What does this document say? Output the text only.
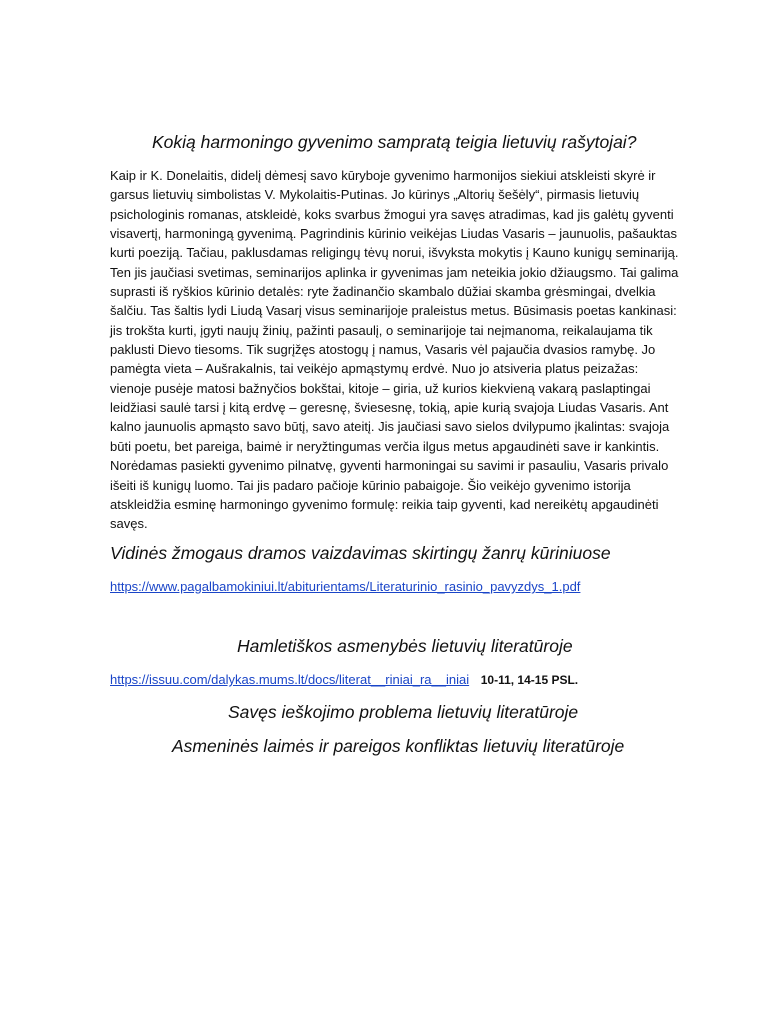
Kokią harmoningo gyvenimo sampratą teigia lietuvių rašytojai?
Kaip ir K. Donelaitis, didelį dėmesį savo kūryboje gyvenimo harmonijos siekiui atskleisti skyrė ir
garsus lietuvių simbolistas V. Mykolaitis-Putinas. Jo kūrinys „Altorių šešėly“, pirmasis lietuvių
psichologinis romanas, atskleidė, koks svarbus žmogui yra savęs atradimas, kad jis galėtų gyventi
visavertį, harmoningą gyvenimą. Pagrindinis kūrinio veikėjas Liudas Vasaris – jaunuolis, pašauktas
kurti poeziją. Tačiau, paklusdamas religingų tėvų norui, išvyksta mokytis į Kauno kunigų seminariją.
Ten jis jaučiasi svetimas, seminarijos aplinka ir gyvenimas jam neteikia jokio džiaugsmo. Tai galima
suprasti iš ryškios kūrinio detalės: ryte žadinančio skambalo dūžiai skamba grėsmingai, dvelkia
šalčiu. Tas šaltis lydi Liudą Vasarį visus seminarijoje praleistus metus. Būsimasis poetas kankinasi:
jis trokšta kurti, įgyti naujų žinių, pažinti pasaulį, o seminarijoje tai neįmanoma, reikalaujama tik
paklusti Dievo tiesoms. Tik sugrįžęs atostogų į namus, Vasaris vėl pajaučia dvasios ramybę. Jo
pamėgta vieta – Aušrakalnis, tai veikėjo apmąstymų erdvė. Nuo jo atsiveria platus peizažas:
vienoje pusėje matosi bažnyčios bokštai, kitoje – giria, už kurios kiekvieną vakarą paslaptingai
leidžiasi saulė tarsi į kitą erdvę – geresnę, šviesesnę, tokią, apie kurią svajoja Liudas Vasaris. Ant
kalno jaunuolis apmąsto savo būtį, savo ateitį. Jis jaučiasi savo sielos dvilypumo įkalintas: svajoja
būti poetu, bet pareiga, baimė ir neryžtingumas verčia ilgus metus apgaudinėti save ir kankintis.
Norėdamas pasiekti gyvenimo pilnatvę, gyventi harmoningai su savimi ir pasauliu, Vasaris privalo
išeiti iš kunigų luomo. Tai jis padaro pačioje kūrinio pabaigoje. Šio veikėjo gyvenimo istorija
atskleidžia esminę harmoningo gyvenimo formulę: reikia taip gyventi, kad nereikėtų apgaudinėti
savęs.
Vidinės žmogaus dramos vaizdavimas skirtingų žanrų kūriniuose
https://www.pagalbamokiniui.lt/abiturientams/Literaturinio_rasinio_pavyzdys_1.pdf
Hamletiškos asmenybės lietuvių literatūroje
https://issuu.com/dalykas.mums.lt/docs/literat__riniai_ra__iniai 10-11, 14-15 PSL.
Savęs ieškojimo problema lietuvių literatūroje
Asmeninės laimės ir pareigos konfliktas lietuvių literatūroje
